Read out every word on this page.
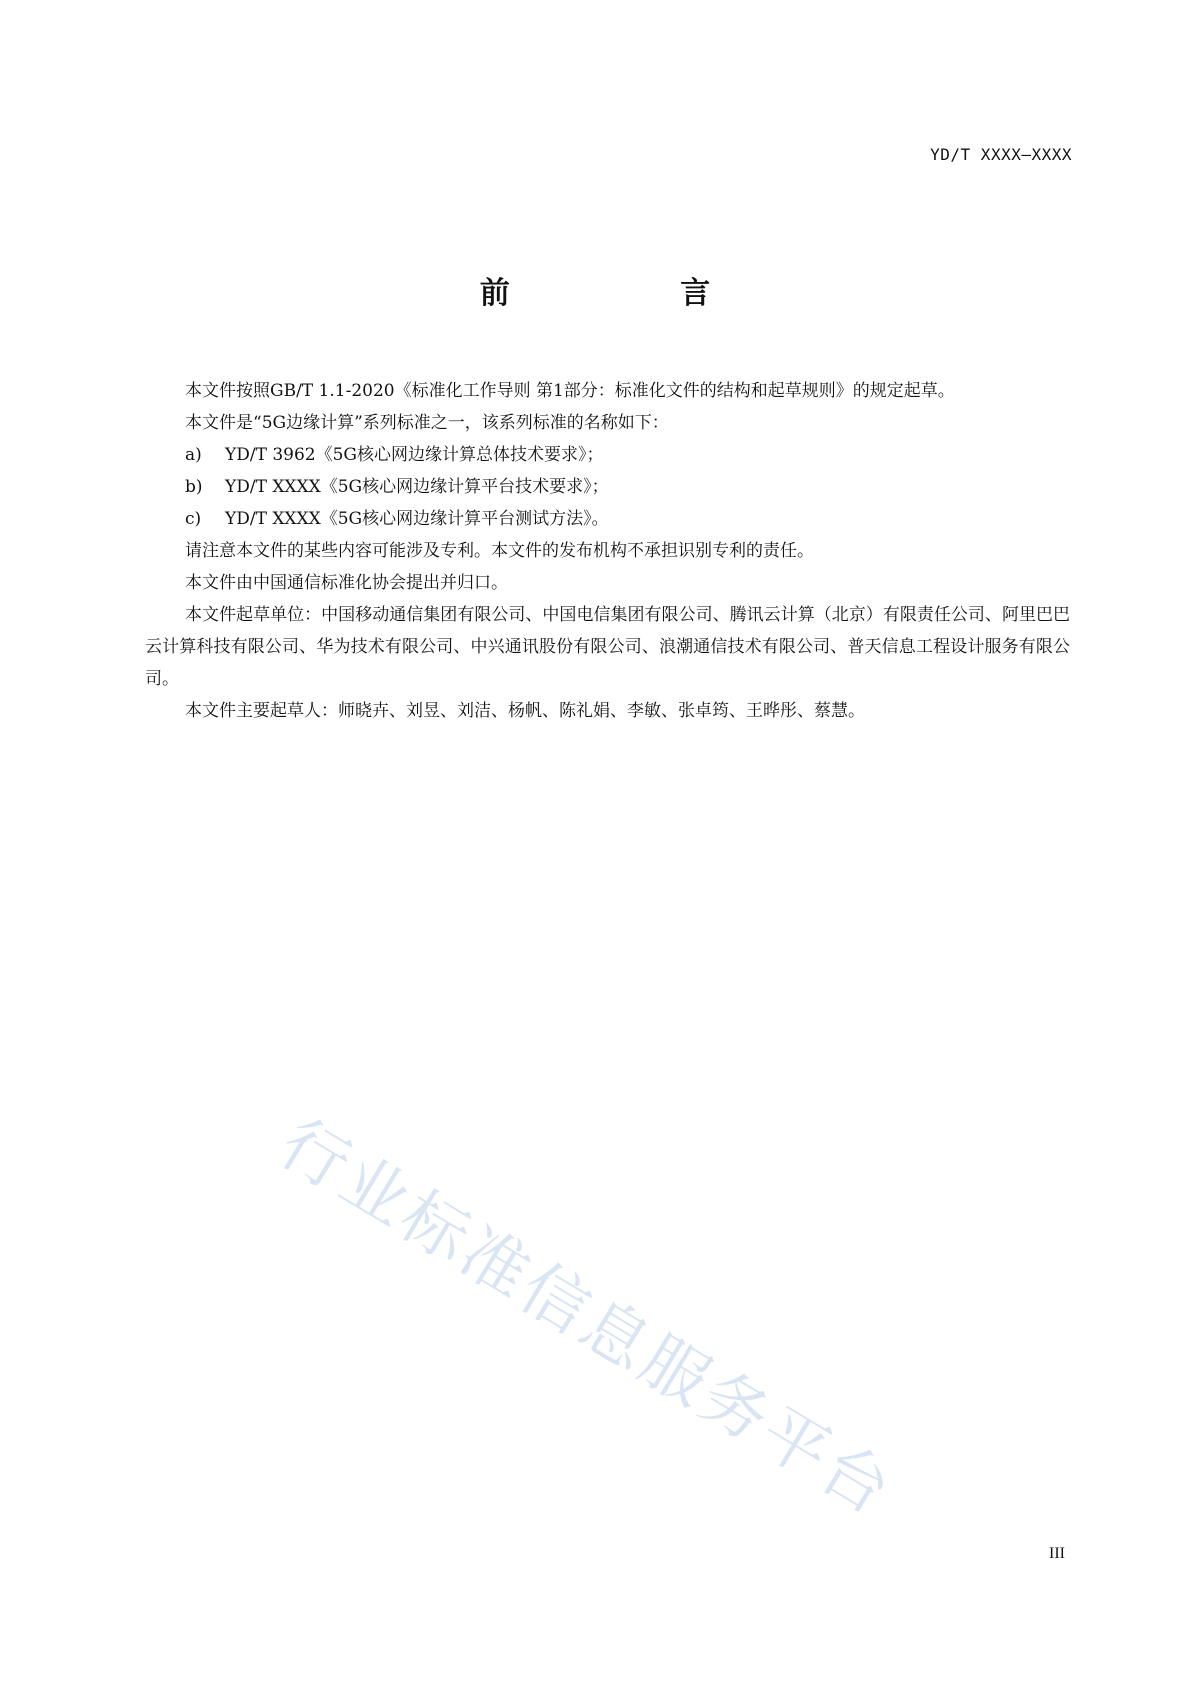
YD/T XXXX—XXXX
前 言

本文件按照GB/T 1.1-2020《标准化工作导则 第1部分：标准化文件的结构和起草规则》的规定起草。

本文件是“5G边缘计算”系列标准之一，该系列标准的名称如下：

a) YD/T 3962《5G核心网边缘计算总体技术要求》；

b) YD/T XXXX《5G核心网边缘计算平台技术要求》；

c) YD/T XXXX《5G核心网边缘计算平台测试方法》。

请注意本文件的某些内容可能涉及专利。本文件的发布机构不承担识别专利的责任。

本文件由中国通信标准化协会提出并归口。

本文件起草单位：中国移动通信集团有限公司、中国电信集团有限公司、腾讯云计算（北京）有限责任公司、阿里巴巴云计算科技有限公司、华为技术有限公司、中兴通讯股份有限公司、浪潮通信技术有限公司、普天信息工程设计服务有限公司。

本文件主要起草人：师晓卉、刘昱、刘洁、杨帆、陈礼娟、李敏、张卓筠、王晔彤、蔡慧。

行业标准信息服务平台
III
